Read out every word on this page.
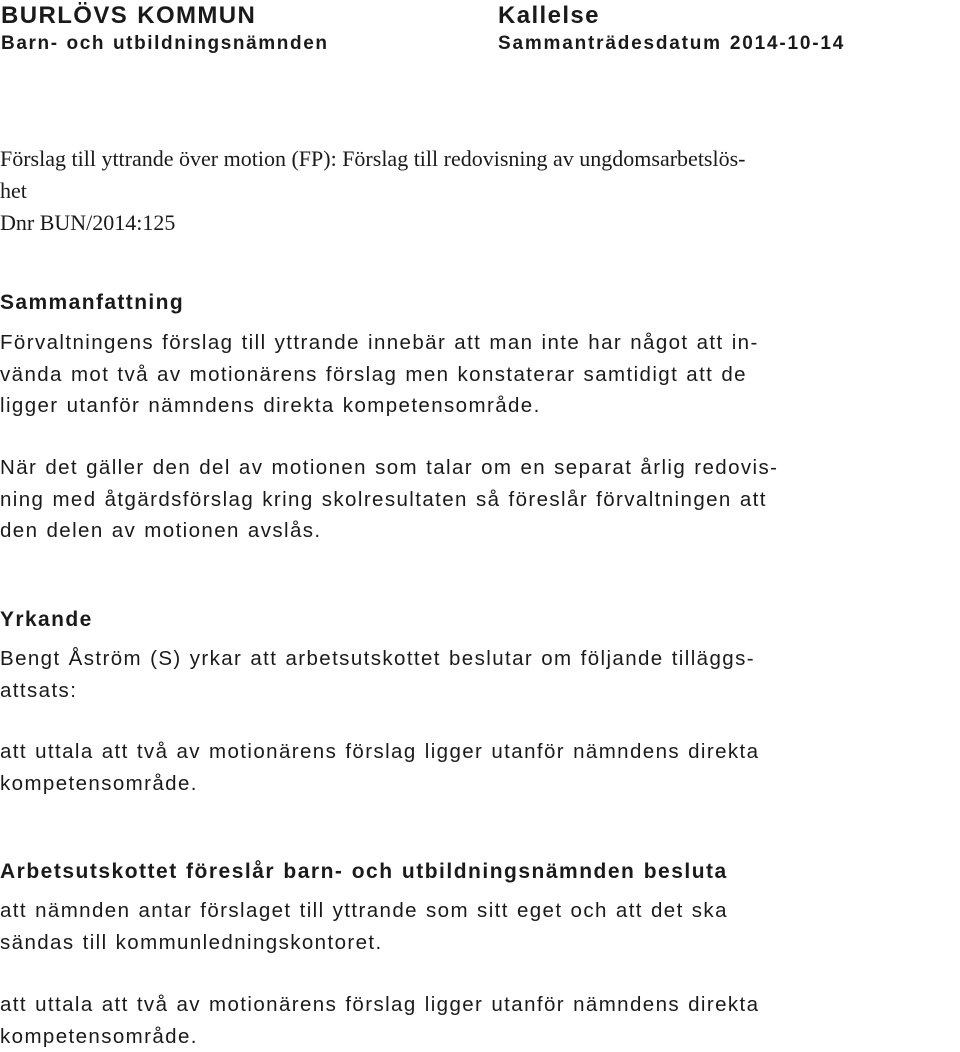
BURLÖVS KOMMUN
Barn- och utbildningsnämnden
Kallelse
Sammanträdesdatum 2014-10-14
Förslag till yttrande över motion (FP): Förslag till redovisning av ungdomsarbetslös-
het
Dnr BUN/2014:125
Sammanfattning
Förvaltningens förslag till yttrande innebär att man inte har något att in-
vända mot två av motionärens förslag men konstaterar samtidigt att de
ligger utanför nämndens direkta kompetensområde.
När det gäller den del av motionen som talar om en separat årlig redovis-
ning med åtgärdsförslag kring skolresultaten så föreslår förvaltningen att
den delen av motionen avslås.
Yrkande
Bengt Åström (S) yrkar att arbetsutskottet beslutar om följande tilläggs-
attsats:
att uttala att två av motionärens förslag ligger utanför nämndens direkta
kompetensområde.
Arbetsutskottet föreslår barn- och utbildningsnämnden besluta
att nämnden antar förslaget till yttrande som sitt eget och att det ska
sändas till kommunledningskontoret.
att uttala att två av motionärens förslag ligger utanför nämndens direkta
kompetensområde.
